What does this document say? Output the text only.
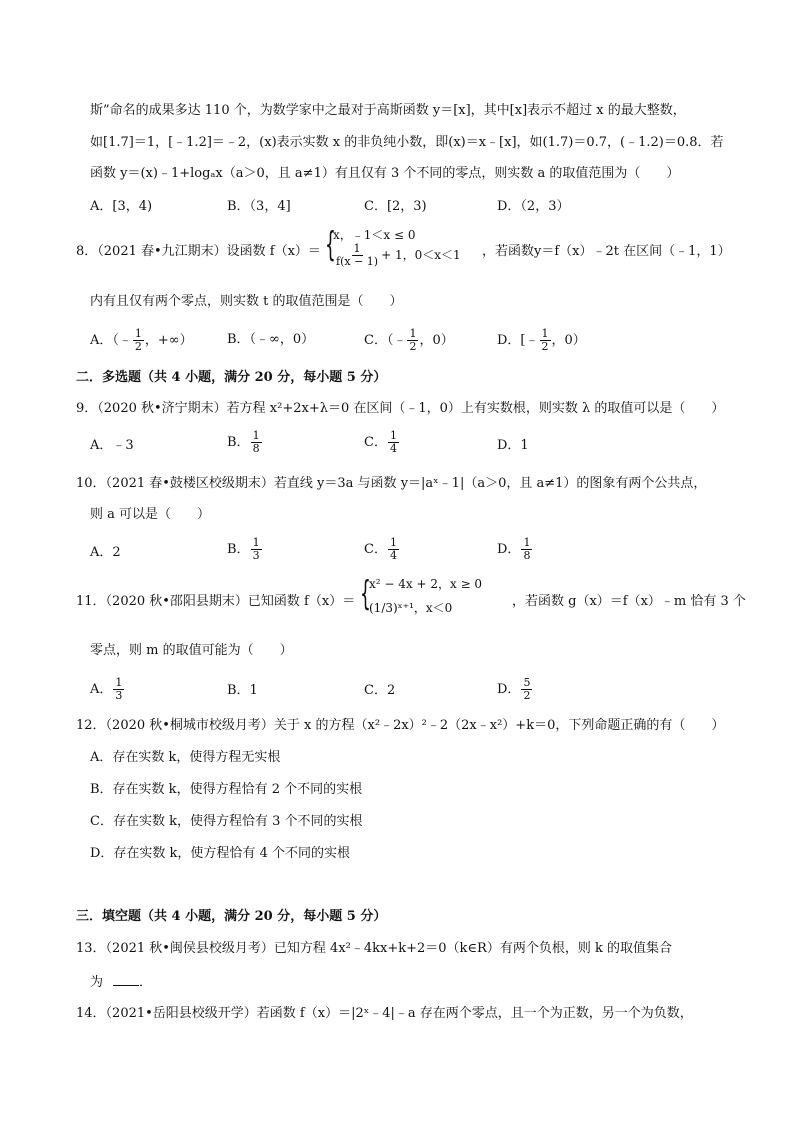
斯”命名的成果多达 110 个，为数学家中之最对于高斯函数 y＝[x]，其中[x]表示不超过 x 的最大整数，
如[1.7]＝1，[﹣1.2]＝﹣2，(x)表示实数 x 的非负纯小数，即(x)＝x﹣[x]，如(1.7)＝0.7，(﹣1.2)＝0.8．若
函数 y＝(x)﹣1+logₐx（a＞0，且 a≠1）有且仅有 3 个不同的零点，则实数 a 的取值范围为（　　）
A．[3，4)	B．（3，4]	C．[2，3)	D．（2，3）
8．（2021 春•九江期末）设函数 f（x）＝ {
x，﹣1＜x ≤ 0
$\frac{1}{f(x - 1)} + 1$，0＜x＜1 ，若函数y＝f（x）﹣2t 在区间（﹣1，1）
内有且仅有两个零点，则实数 t 的取值范围是（　　）
A．（﹣ $\frac{1}{2}$ ，+∞）	B．（﹣∞，0）	C．（﹣ $\frac{1}{2}$ ，0）	D．[﹣ $\frac{1}{2}$ ，0）
二．多选题（共 4 小题，满分 20 分，每小题 5 分）
9．（2020 秋•济宁期末）若方程 x²+2x+λ＝0 在区间（﹣1，0）上有实数根，则实数 λ 的取值可以是（　　）
A．﹣3	B． $\frac{1}{8}$	C． $\frac{1}{4}$	D．1
10．（2021 春•鼓楼区校级期末）若直线 y＝3a 与函数 y＝|aˣ﹣1|（a＞0，且 a≠1）的图象有两个公共点，
则 a 可以是（　　）
A．2	B． $\frac{1}{3}$	C． $\frac{1}{4}$	D． $\frac{1}{8}$
11．（2020 秋•邵阳县期末）已知函数 f（x）＝ {
x² − 4x + 2，x ≥ 0
(1/3)ˣ⁺¹，x＜0	，若函数 g（x）＝f（x）﹣m 恰有 3 个
零点，则 m 的取值可能为（　　）
A． $\frac{1}{3}$	B．1	C．2	D． $\frac{5}{2}$
12．（2020 秋•桐城市校级月考）关于 x 的方程（x²﹣2x）²﹣2（2x﹣x²）+k＝0，下列命题正确的有（　　）
A．存在实数 k，使得方程无实根
B．存在实数 k，使得方程恰有 2 个不同的实根
C．存在实数 k，使得方程恰有 3 个不同的实根
D．存在实数 k，使方程恰有 4 个不同的实根
三．填空题（共 4 小题，满分 20 分，每小题 5 分）
13．（2021 秋•闽侯县校级月考）已知方程 4x²﹣4kx+k+2＝0（k∈R）有两个负根，则 k 的取值集合
为	．
14．（2021•岳阳县校级开学）若函数 f（x）＝|2ˣ﹣4|﹣a 存在两个零点，且一个为正数，另一个为负数，
